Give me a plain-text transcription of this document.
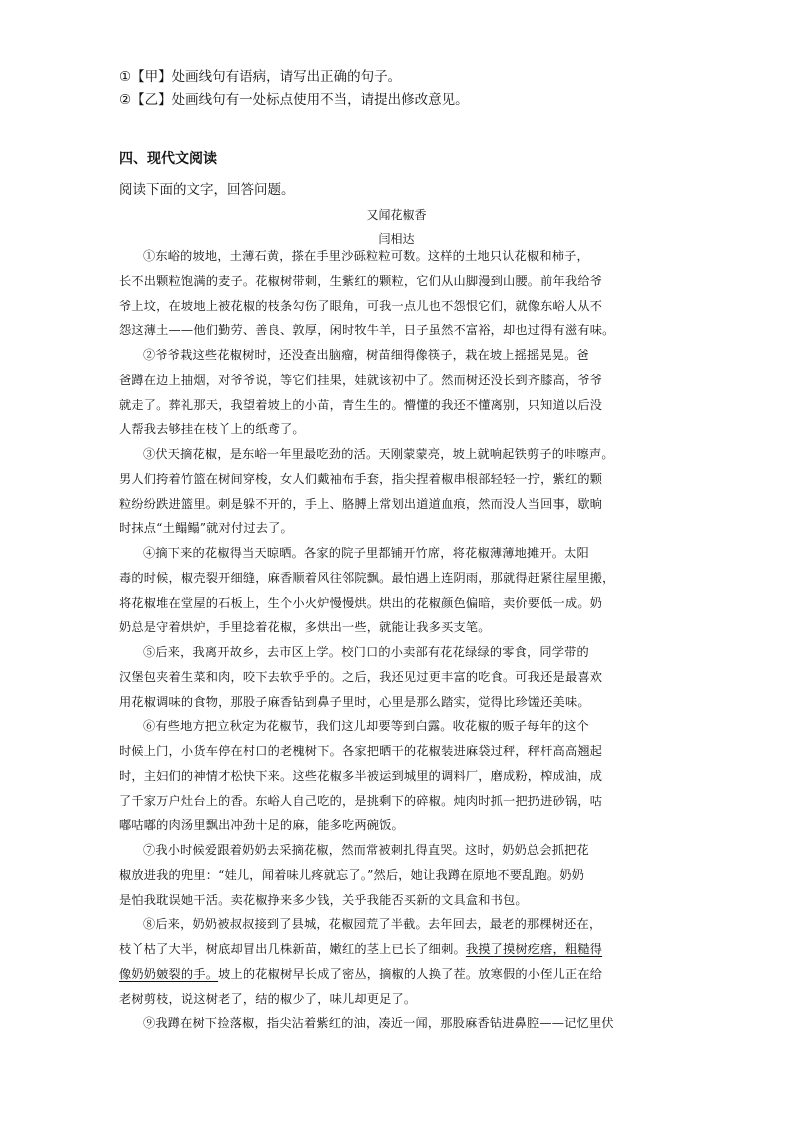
①【甲】处画线句有语病，请写出正确的句子。
②【乙】处画线句有一处标点使用不当，请提出修改意见。
四、现代文阅读
阅读下面的文字，回答问题。
又闻花椒香
闫相达
①东峪的坡地，土薄石黄，搽在手里沙砾粒粒可数。这样的土地只认花椒和柿子，
长不出颗粒饱满的麦子。花椒树带刺，生紫红的颗粒，它们从山脚漫到山腰。前年我给爷
爷上坟，在坡地上被花椒的枝条勾伤了眼角，可我一点儿也不怨恨它们，就像东峪人从不
怨这薄土——他们勤劳、善良、敦厚，闲时牧牛羊，日子虽然不富裕，却也过得有滋有味。
②爷爷栽这些花椒树时，还没查出脑瘤，树苗细得像筷子，栽在坡上摇摇晃晃。爸
爸蹲在边上抽烟，对爷爷说，等它们挂果，娃就该初中了。然而树还没长到齐膝高，爷爷
就走了。葬礼那天，我望着坡上的小苗，青生生的。懵懂的我还不懂离别，只知道以后没
人帮我去够挂在枝丫上的纸鸢了。
③伏天摘花椒，是东峪一年里最吃劲的活。天刚蒙蒙亮，坡上就响起铁剪子的咔嚓声。
男人们挎着竹篮在树间穿梭，女人们戴袖布手套，指尖捏着椒串根部轻轻一拧，紫红的颗
粒纷纷跌进篮里。刺是躲不开的，手上、胳膊上常划出道道血痕，然而没人当回事，歇晌
时抹点“土鳎鳎”就对付过去了。
④摘下来的花椒得当天晾晒。各家的院子里都铺开竹席，将花椒薄薄地摊开。太阳
毒的时候，椒壳裂开细缝，麻香顺着风往邻院飘。最怕遇上连阴雨，那就得赶紧往屋里搬，
将花椒堆在堂屋的石板上，生个小火炉慢慢烘。烘出的花椒颜色偏暗，卖价要低一成。奶
奶总是守着烘炉，手里捻着花椒，多烘出一些，就能让我多买支笔。
⑤后来，我离开故乡，去市区上学。校门口的小卖部有花花绿绿的零食，同学带的
汉堡包夹着生菜和肉，咬下去软乎乎的。之后，我还见过更丰富的吃食。可我还是最喜欢
用花椒调味的食物，那股子麻香钻到鼻子里时，心里是那么踏实，觉得比珍馐还美味。
⑥有些地方把立秋定为花椒节，我们这儿却要等到白露。收花椒的贩子每年的这个
时候上门，小货车停在村口的老槐树下。各家把晒干的花椒装进麻袋过秤，秤杆高高翘起
时，主妇们的神情才松快下来。这些花椒多半被运到城里的调料厂，磨成粉，榨成油，成
了千家万户灶台上的香。东峪人自己吃的，是挑剩下的碎椒。炖肉时抓一把扔进砂锅，咕
嘟咕嘟的肉汤里飘出冲劲十足的麻，能多吃两碗饭。
⑦我小时候爱跟着奶奶去采摘花椒，然而常被刺扎得直哭。这时，奶奶总会抓把花
椒放进我的兜里：“娃儿，闻着味儿疼就忘了。”然后，她让我蹲在原地不要乱跑。奶奶
是怕我耽误她干活。卖花椒挣来多少钱，关乎我能否买新的文具盒和书包。
⑧后来，奶奶被叔叔接到了县城，花椒园荒了半截。去年回去，最老的那棵树还在，
枝丫枯了大半，树底却冒出几株新苗，嫩红的茎上已长了细刺。我摸了摸树疙瘩，粗糙得
像奶奶皴裂的手。坡上的花椒树早长成了密丛，摘椒的人换了茬。放寒假的小侄儿正在给
老树剪枝，说这树老了，结的椒少了，味儿却更足了。
⑨我蹲在树下捡落椒，指尖沾着紫红的油，凑近一闻，那股麻香钻进鼻腔——记忆里伏
